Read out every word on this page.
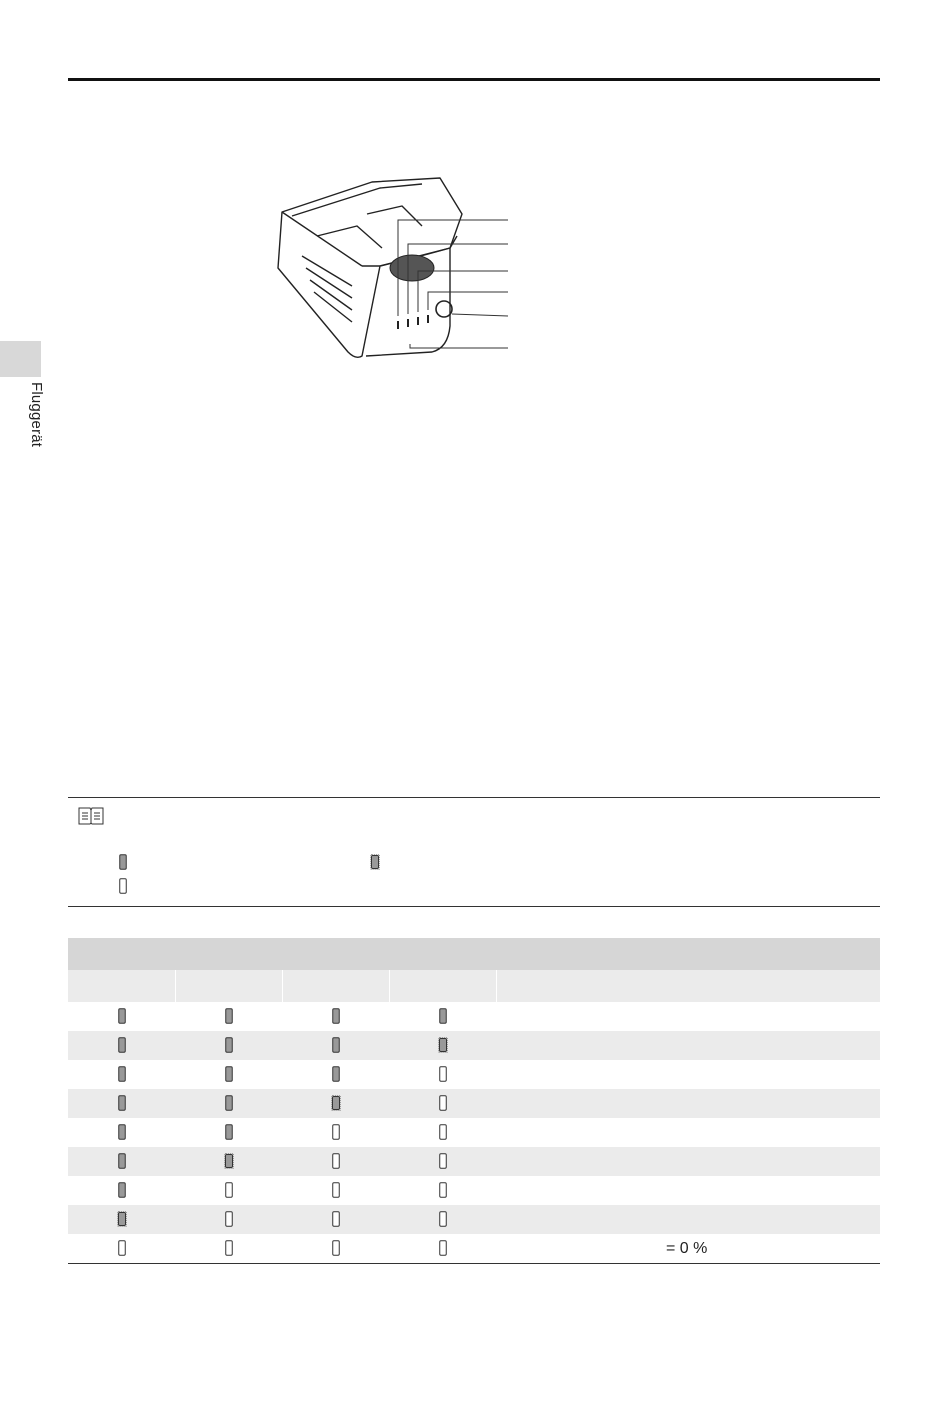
Fluggerät

= 0 %
